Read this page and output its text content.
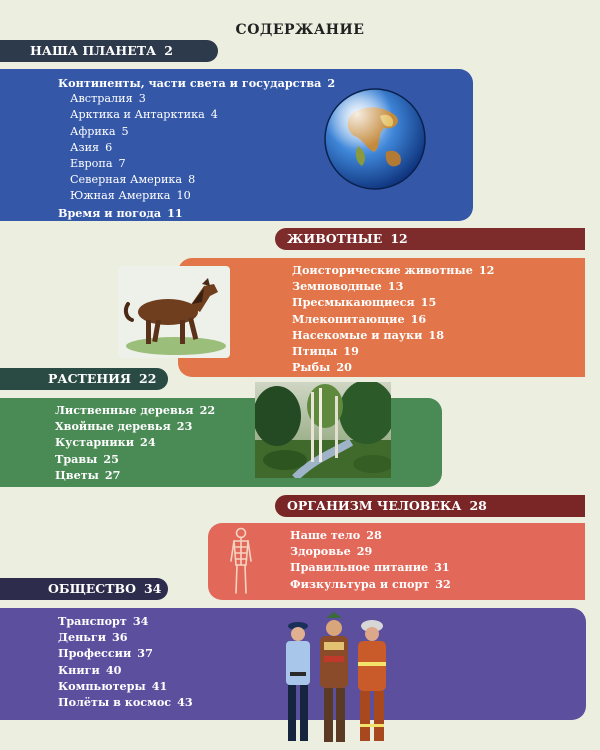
СОДЕРЖАНИЕ
НАША ПЛАНЕТА 2
Континенты, части света и государства 2
Австралия 3
Арктика и Антарктика 4
Африка 5
Азия 6
Европа 7
Северная Америка 8
Южная Америка 10
Время и погода 11
ЖИВОТНЫЕ 12
Доисторические животные 12
Земноводные 13
Пресмыкающиеся 15
Млекопитающие 16
Насекомые и пауки 18
Птицы 19
Рыбы 20
РАСТЕНИЯ 22
Лиственные деревья 22
Хвойные деревья 23
Кустарники 24
Травы 25
Цветы 27
ОРГАНИЗМ ЧЕЛОВЕКА 28
Наше тело 28
Здоровье 29
Правильное питание 31
Физкультура и спорт 32
ОБЩЕСТВО 34
Транспорт 34
Деньги 36
Профессии 37
Книги 40
Компьютеры 41
Полёты в космос 43
